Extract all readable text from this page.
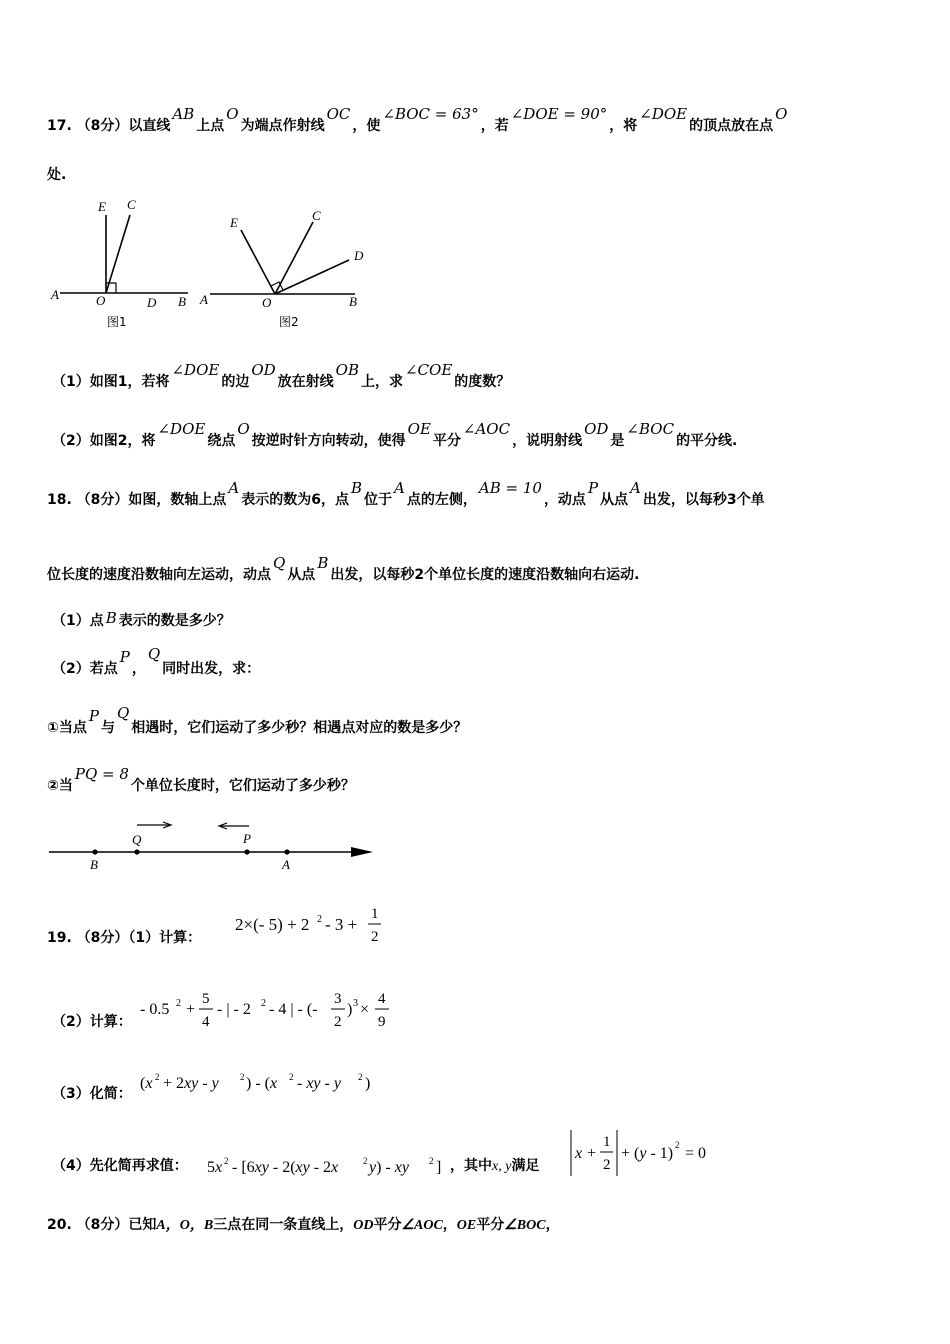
17. （8分）以直线AB上点O为端点作射线OC，使∠BOC = 63°，若∠DOE = 90°，将∠DOE的顶点放在点O
处.
E C
A	O	D B
图1
E	C
D
A	O	B
图2
（1）如图1，若将∠DOE的边OD放在射线OB上，求∠COE的度数？
（2）如图2，将∠DOE绕点O按逆时针方向转动，使得OE平分∠AOC，说明射线OD是∠BOC的平分线.
18. （8分）如图，数轴上点A表示的数为6，点B位于A点的左侧，AB = 10，动点P从点A出发，以每秒3个单
位长度的速度沿数轴向左运动，动点Q从点B出发，以每秒2个单位长度的速度沿数轴向右运动.
（1）点 B 表示的数是多少？
（2）若点P，Q同时出发，求：
①当点P与Q相遇时，它们运动了多少秒？相遇点对应的数是多少？
②当PQ = 8个单位长度时，它们运动了多少秒？
Q	P
B	A
19. （8分）（1）计算：
2×(- 5) + 2 2 - 3 +
1
2
（2）计算：
- 0.5 2 +
5
4
- | - 2 2 - 4 | - (-
3
2
) 3 ×
4
9
（3）化简：
(x 2 + 2xy - y 2 ) - (x 2 - xy - y 2 )
（4）先化简再求值： 5x 2 - [6xy - 2(xy - 2x	2 y) - xy 2 ] ，其中x, y满足
x +
1
2
+ (y - 1) 2 = 0
20. （8分）已知A，O，B三点在同一条直线上，OD平分∠AOC，OE平分∠BOC，
